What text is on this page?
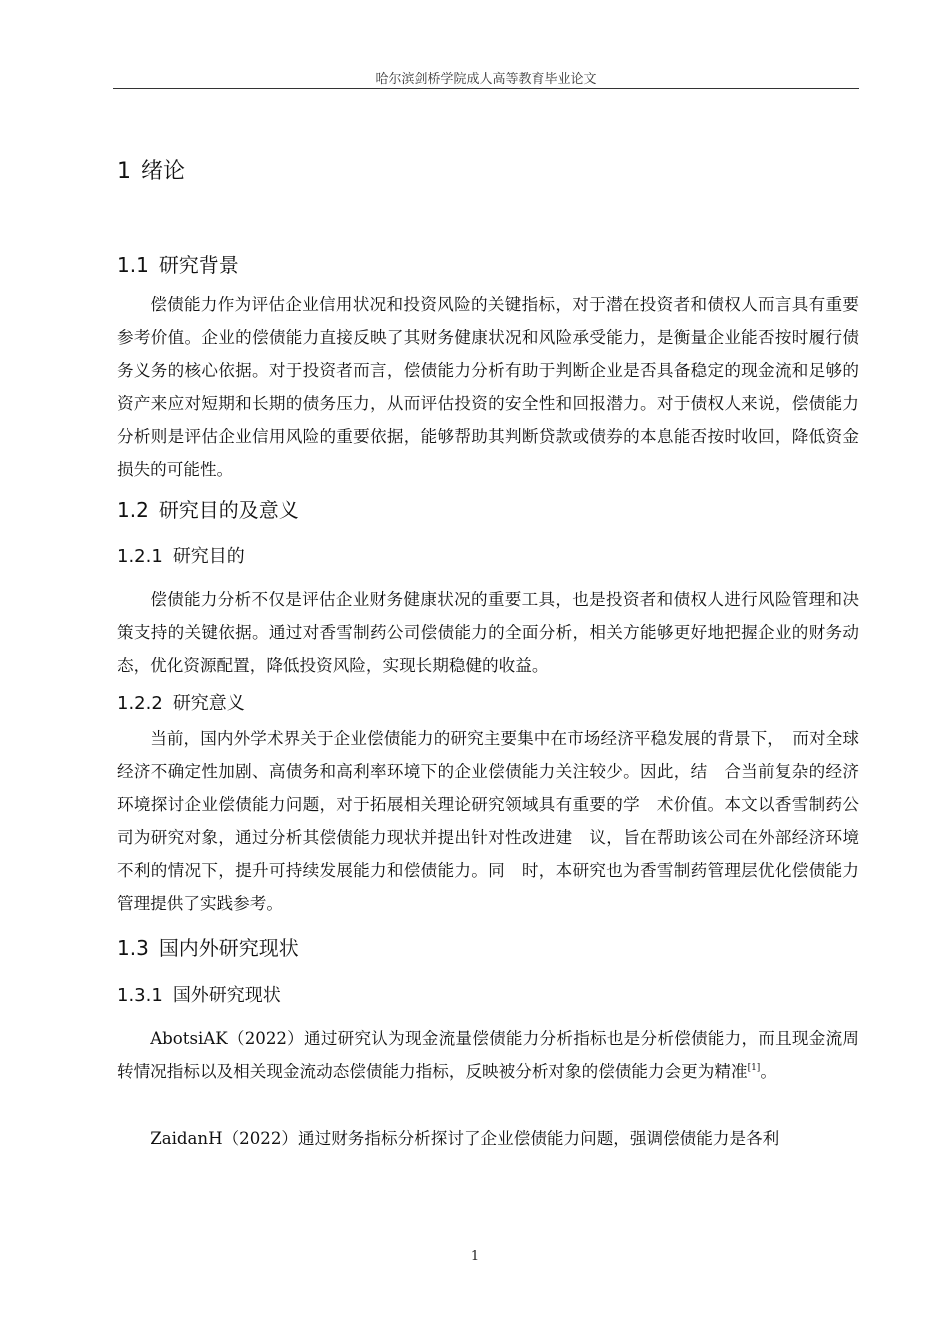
哈尔滨剑桥学院成人高等教育毕业论文
1 绪论
1.1 研究背景

偿债能力作为评估企业信用状况和投资风险的关键指标，对于潜在投资者和债权人而言具有重要参考价值。企业的偿债能力直接反映了其财务健康状况和风险承受能力，是衡量企业能否按时履行债务义务的核心依据。对于投资者而言，偿债能力分析有助于判断企业是否具备稳定的现金流和足够的资产来应对短期和长期的债务压力，从而评估投资的安全性和回报潜力。对于债权人来说，偿债能力分析则是评估企业信用风险的重要依据，能够帮助其判断贷款或债券的本息能否按时收回，降低资金损失的可能性。

1.2 研究目的及意义
1.2.1 研究目的

偿债能力分析不仅是评估企业财务健康状况的重要工具，也是投资者和债权人进行风险管理和决策支持的关键依据。通过对香雪制药公司偿债能力的全面分析，相关方能够更好地把握企业的财务动态，优化资源配置，降低投资风险，实现长期稳健的收益。

1.2.2 研究意义

当前，国内外学术界关于企业偿债能力的研究主要集中在市场经济平稳发展的背景下，　而对全球经济不确定性加剧、高债务和高利率环境下的企业偿债能力关注较少。因此，结　合当前复杂的经济环境探讨企业偿债能力问题，对于拓展相关理论研究领域具有重要的学　术价值。本文以香雪制药公司为研究对象，通过分析其偿债能力现状并提出针对性改进建　议，旨在帮助该公司在外部经济环境不利的情况下，提升可持续发展能力和偿债能力。同　时，本研究也为香雪制药管理层优化偿债能力管理提供了实践参考。

1.3 国内外研究现状
1.3.1 国外研究现状

AbotsiAK（2022）通过研究认为现金流量偿债能力分析指标也是分析偿债能力，而且现金流周转情况指标以及相关现金流动态偿债能力指标，反映被分析对象的偿债能力会更为精准[1]。

ZaidanH（2022）通过财务指标分析探讨了企业偿债能力问题，强调偿债能力是各利

1
